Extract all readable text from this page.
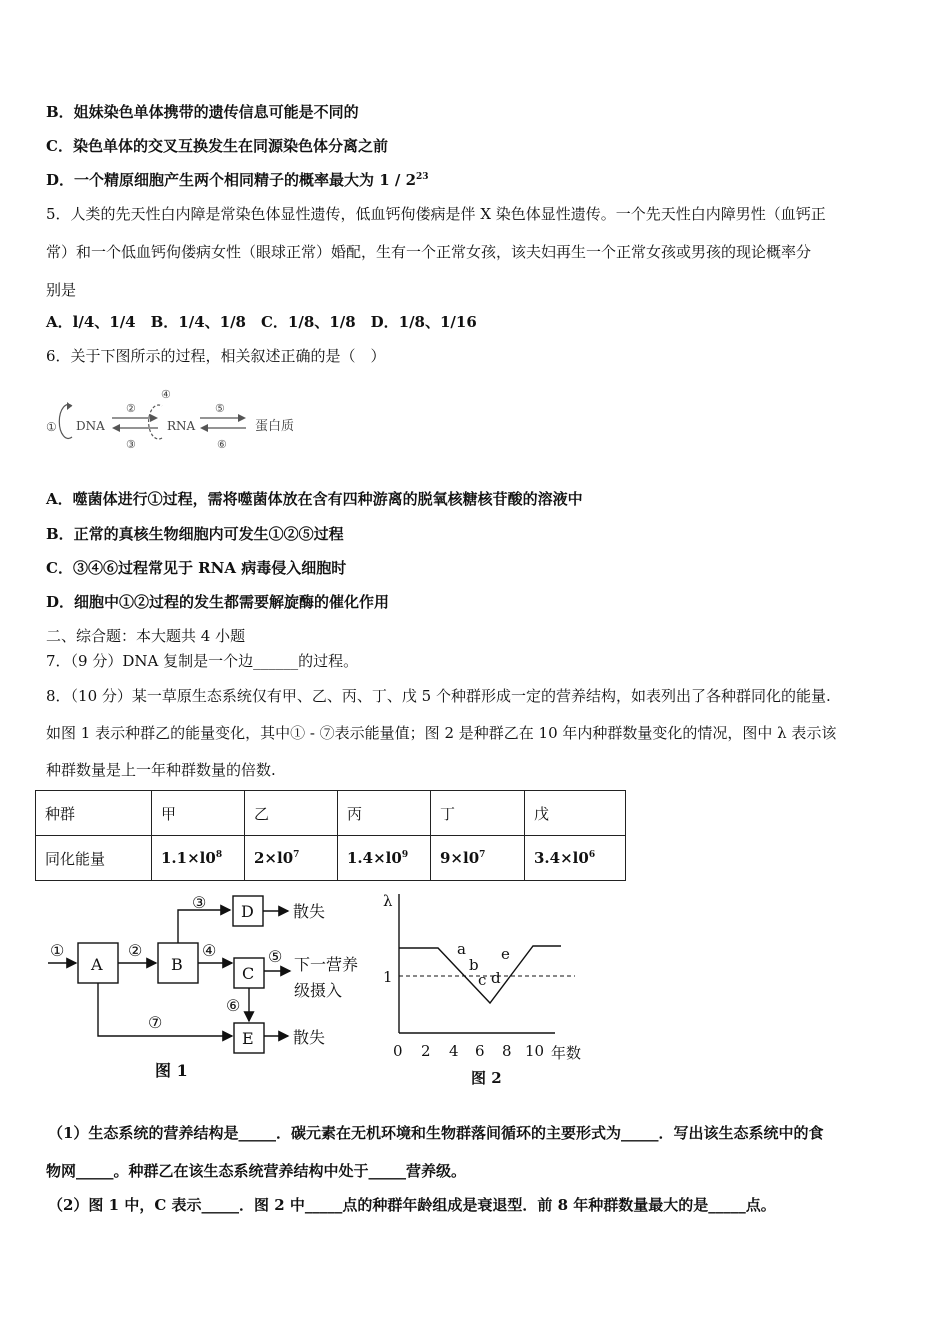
B．姐妹染色单体携带的遗传信息可能是不同的
C．染色单体的交叉互换发生在同源染色体分离之前
D．一个精原细胞产生两个相同精子的概率最大为 $1 / 2^{23}$
5．人类的先天性白内障是常染色体显性遗传，低血钙佝偻病是伴 X 染色体显性遗传。一个先天性白内障男性（血钙正
常）和一个低血钙佝偻病女性（眼球正常）婚配，生有一个正常女孩，该夫妇再生一个正常女孩或男孩的现论概率分
别是
A．l/4、1/4　B．1/4、1/8　C．1/8、1/8　D．1/8、1/16
6．关于下图所示的过程，相关叙述正确的是（　）
① DNA
②
③
④
RNA
⑤
⑥
蛋白质
A．噬菌体进行①过程，需将噬菌体放在含有四种游离的脱氧核糖核苷酸的溶液中
B．正常的真核生物细胞内可发生①②⑤过程
C．③④⑥过程常见于 RNA 病毒侵入细胞时
D．细胞中①②过程的发生都需要解旋酶的催化作用
二、综合题：本大题共 4 小题
7．（9 分）DNA 复制是一个边______的过程。
8．（10 分）某一草原生态系统仅有甲、乙、丙、丁、戊 5 个种群形成一定的营养结构，如表列出了各种群同化的能量.
如图 1 表示种群乙的能量变化，其中① - ⑦表示能量值；图 2 是种群乙在 10 年内种群数量变化的情况，图中 λ 表示该
种群数量是上一年种群数量的倍数.
种群	甲	乙	丙	丁	戊
同化能量	$1.1\times l0^8$	$2\times l0^7$	$1.4\times l0^9$	$9\times l0^7$	$3.4\times l0^6$
①
A
②
B
③ D 散失
④
C
⑤ 下一营养
级摄入
⑥
E
⑦
散失
图 1
λ
1
0 2 4 6 8 10 年数
a
b
c d
e
图 2
（1）生态系统的营养结构是_____．碳元素在无机环境和生物群落间循环的主要形式为_____．写出该生态系统中的食
物网_____。种群乙在该生态系统营养结构中处于_____营养级。
（2）图 1 中，C 表示_____．图 2 中_____点的种群年龄组成是衰退型．前 8 年种群数量最大的是_____点。
